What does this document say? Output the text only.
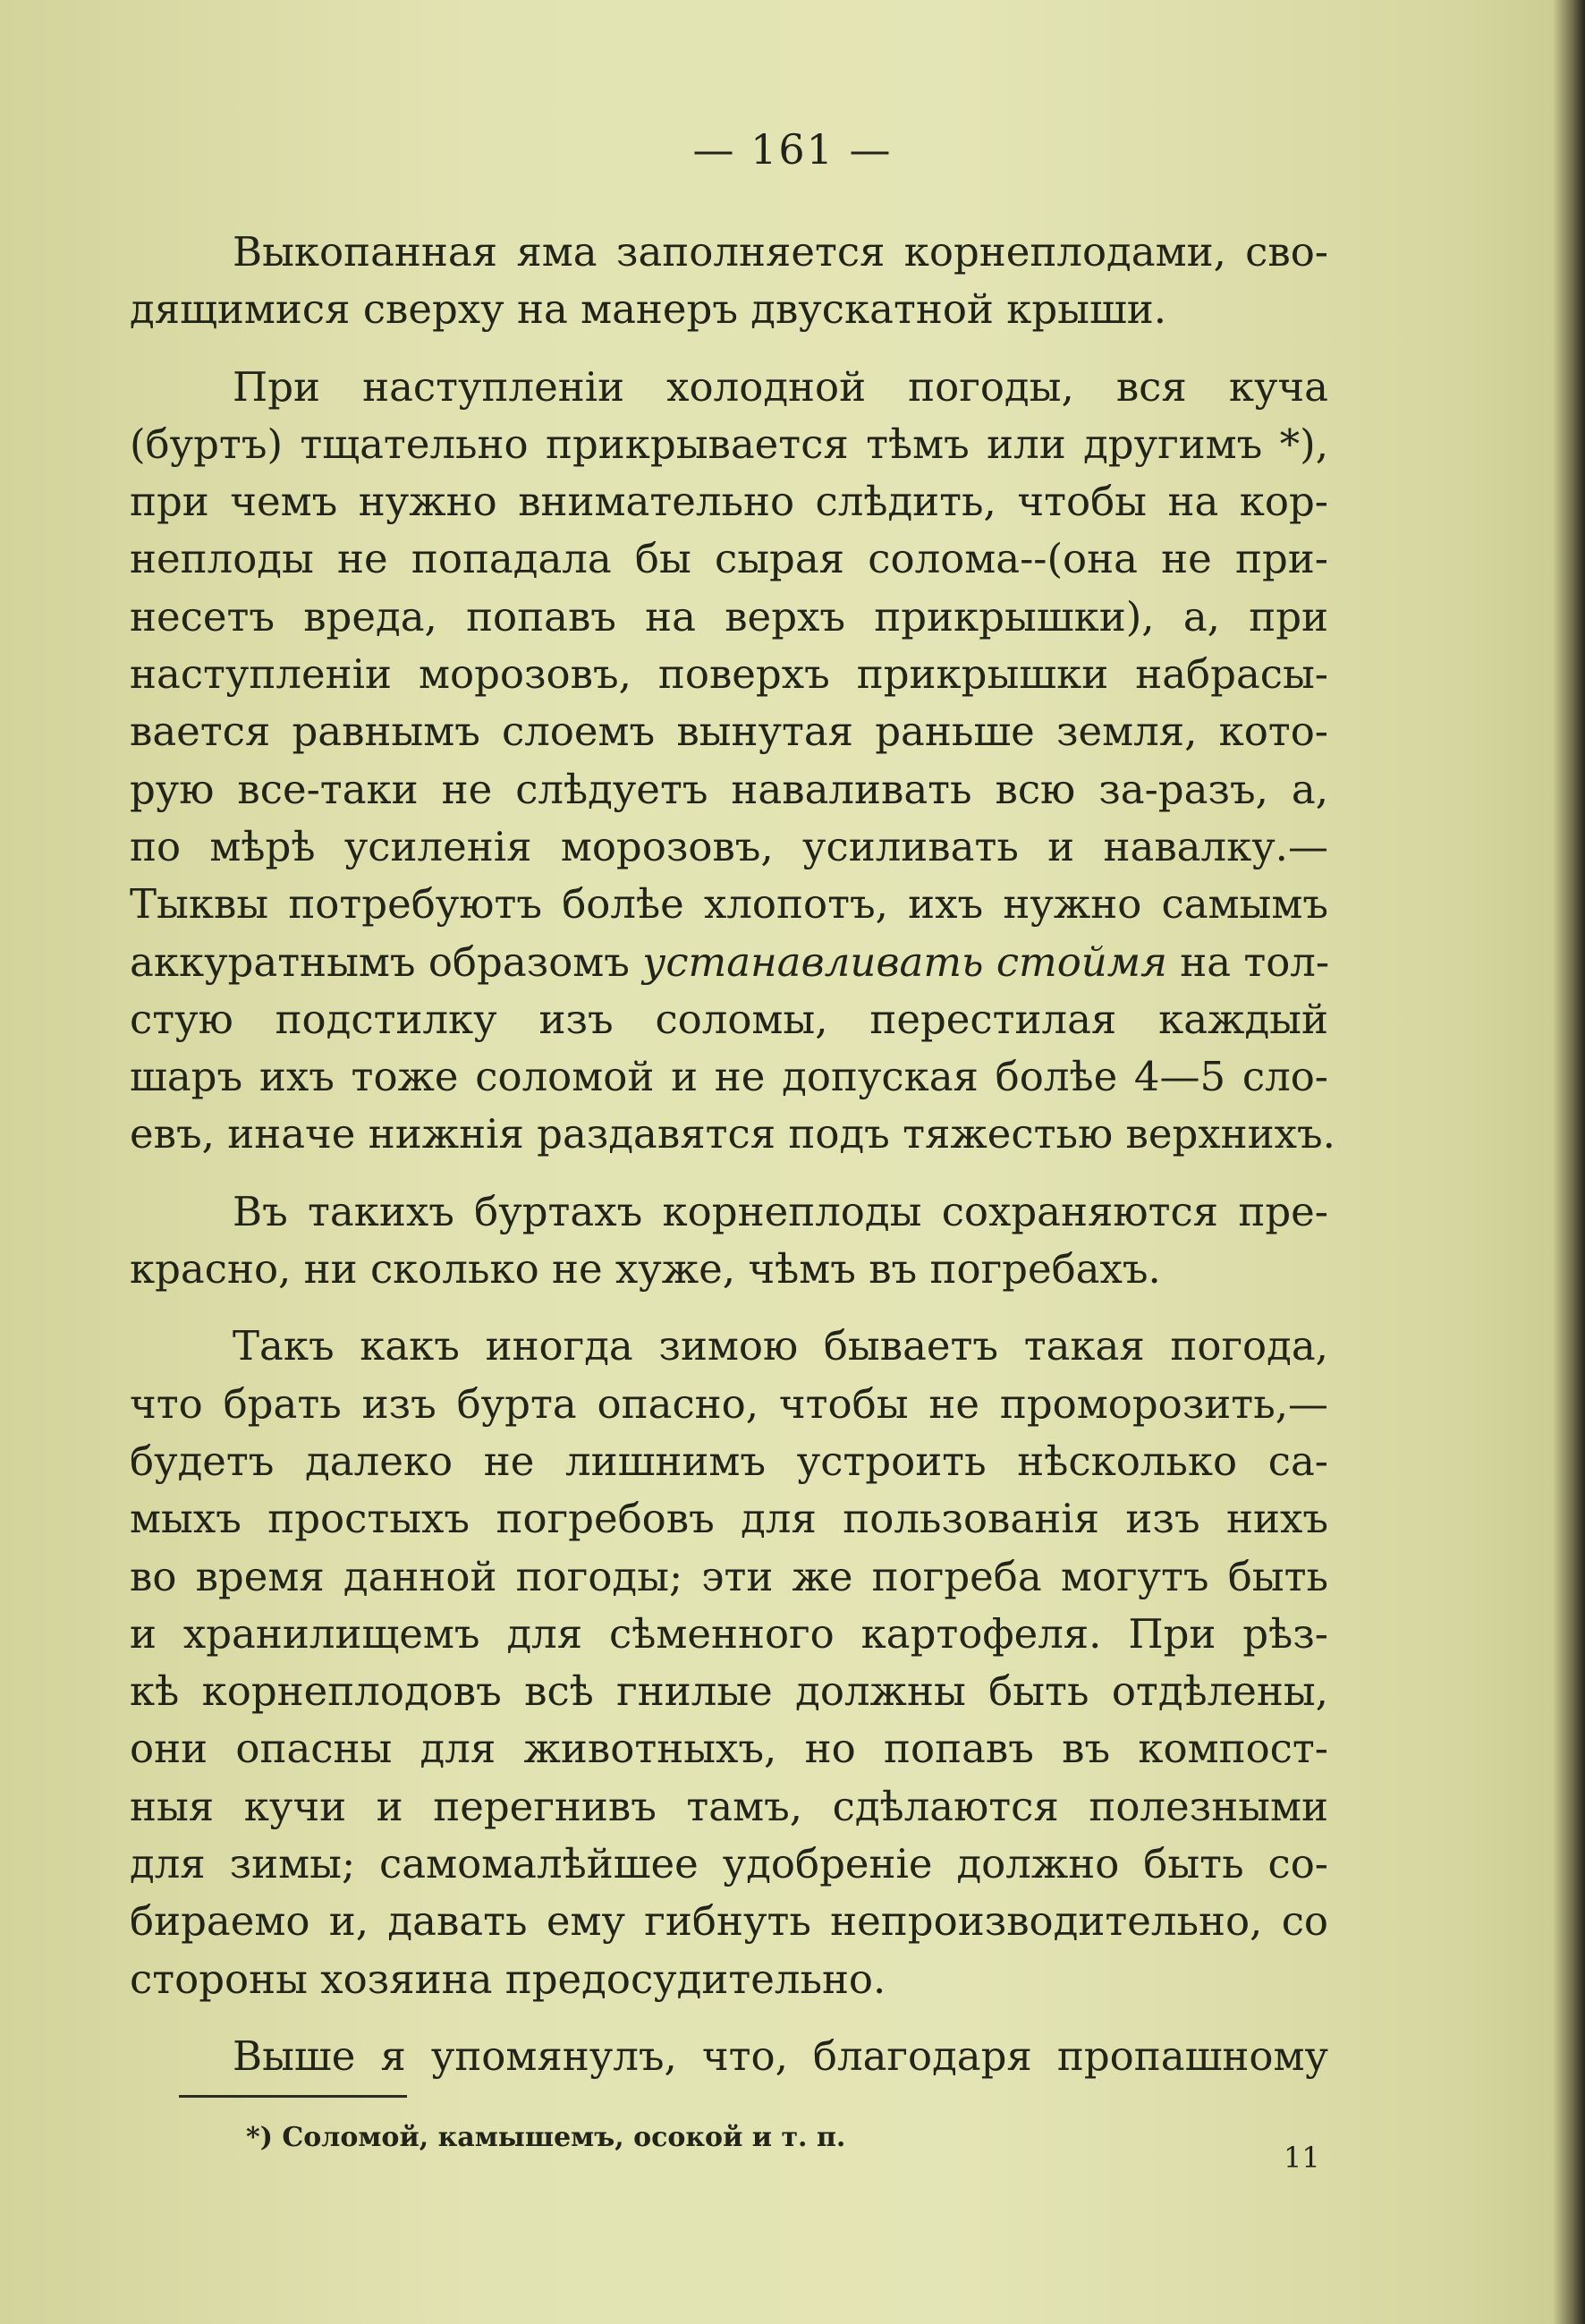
— 161 —
Выкопанная яма заполняется корнеплодами, сво-
дящимися сверху на манеръ двускатной крыши.
При наступленіи холодной погоды, вся куча
(буртъ) тщательно прикрывается тѣмъ или другимъ *),
при чемъ нужно внимательно слѣдить, чтобы на кор-
неплоды не попадала бы сырая солома--(она не при-
несетъ вреда, попавъ на верхъ прикрышки), а, при
наступленіи морозовъ, поверхъ прикрышки набрасы-
вается равнымъ слоемъ вынутая раньше земля, кото-
рую все-таки не слѣдуетъ наваливать всю за-разъ, а,
по мѣрѣ усиленія морозовъ, усиливать и навалку.—
Тыквы потребуютъ болѣе хлопотъ, ихъ нужно самымъ
аккуратнымъ образомъ устанавливать стоймя на тол-
стую подстилку изъ соломы, перестилая каждый
шаръ ихъ тоже соломой и не допуская болѣе 4—5 сло-
евъ, иначе нижнія раздавятся подъ тяжестью верхнихъ.
Въ такихъ буртахъ корнеплоды сохраняются пре-
красно, ни сколько не хуже, чѣмъ въ погребахъ.
Такъ какъ иногда зимою бываетъ такая погода,
что брать изъ бурта опасно, чтобы не проморозить,—
будетъ далеко не лишнимъ устроить нѣсколько са-
мыхъ простыхъ погребовъ для пользованія изъ нихъ
во время данной погоды; эти же погреба могутъ быть
и хранилищемъ для сѣменного картофеля. При рѣз-
кѣ корнеплодовъ всѣ гнилые должны быть отдѣлены,
они опасны для животныхъ, но попавъ въ компост-
ныя кучи и перегнивъ тамъ, сдѣлаются полезными
для зимы; самомалѣйшее удобреніе должно быть со-
бираемо и, давать ему гибнуть непроизводительно, со
стороны хозяина предосудительно.
Выше я упомянулъ, что, благодаря пропашному
*) Соломой, камышемъ, осокой и т. п.
11
